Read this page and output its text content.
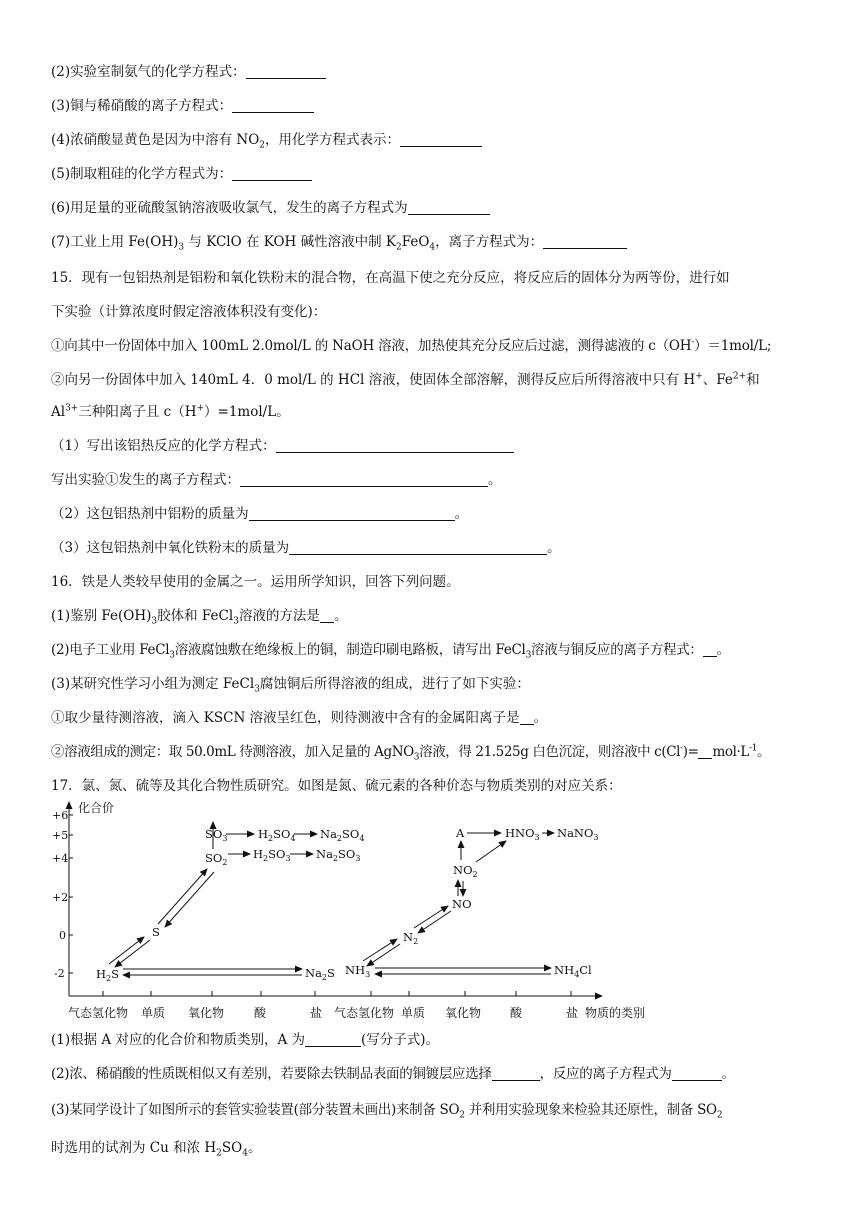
(2)实验室制氨气的化学方程式：
(3)铜与稀硝酸的离子方程式：
(4)浓硝酸显黄色是因为中溶有 $NO_2$，用化学方程式表示：
(5)制取粗硅的化学方程式为：
(6)用足量的亚硫酸氢钠溶液吸收氯气，发生的离子方程式为
(7)工业上用 $Fe(OH)_3$ 与 KClO 在 KOH 碱性溶液中制 $K_2FeO_4$，离子方程式为：
15．现有一包铝热剂是铝粉和氧化铁粉末的混合物，在高温下使之充分反应，将反应后的固体分为两等份，进行如
下实验（计算浓度时假定溶液体积没有变化)：
①向其中一份固体中加入 100mL 2.0mol/L 的 NaOH 溶液，加热使其充分反应后过滤，测得滤液的 c（OH-）＝1mol/L;
②向另一份固体中加入 140mL 4．0 mol/L 的 HCl 溶液，使固体全部溶解，测得反应后所得溶液中只有 H+、$Fe^{2+}$和
$Al^{3+}$三种阳离子且 c（H+）=1mol/L。
（1）写出该铝热反应的化学方程式：
写出实验①发生的离子方程式：	。
（2）这包铝热剂中铝粉的质量为	。
（3）这包铝热剂中氧化铁粉末的质量为	。
16．铁是人类较早使用的金属之一。运用所学知识，回答下列问题。
(1)鉴别 $Fe(OH)_3$胶体和 FeCl$_3$溶液的方法是 。
(2)电子工业用 FeCl$_3$溶液腐蚀敷在绝缘板上的铜，制造印刷电路板，请写出 FeCl$_3$溶液与铜反应的离子方程式： 。
(3)某研究性学习小组为测定 FeCl$_3$腐蚀铜后所得溶液的组成，进行了如下实验：
①取少量待测溶液，滴入 KSCN 溶液呈红色，则待测液中含有的金属阳离子是 。
②溶液组成的测定：取 50.0mL 待测溶液，加入足量的 AgNO$_3$溶液，得 21.525g 白色沉淀，则溶液中 $c(Cl^-)= mol\cdot L^{-1}$。
17．氯、氮、硫等及其化合物性质研究。如图是氮、硫元素的各种价态与物质类别的对应关系：
化合价
+6
+5
+4
+2
0
-2
气态氢化物 单质 氧化物 酸	盐 气态氢化物 单质 氧化物 酸	盐 物质的类别
$SO_3$	$H_2SO_4$ $Na_2SO_4$
$SO_2$
$H_2SO_3$ $Na_2SO_3$
S
$H_2S$	$Na_2S$
A	$HNO_3$ NaNO$_3$
$NO_2$
NO
$N_2$
$NH_3$	$NH_4Cl$
(1)根据 A 对应的化合价和物质类别，A 为	(写分子式)。
(2)浓、稀硝酸的性质既相似又有差别，若要除去铁制品表面的铜镀层应选择	，反应的离子方程式为	。
(3)某同学设计了如图所示的套管实验装置(部分装置未画出)来制备 $SO_2$ 并利用实验现象来检验其还原性，制备 $SO_2$
时选用的试剂为 Cu 和浓 $H_2SO_4$。
